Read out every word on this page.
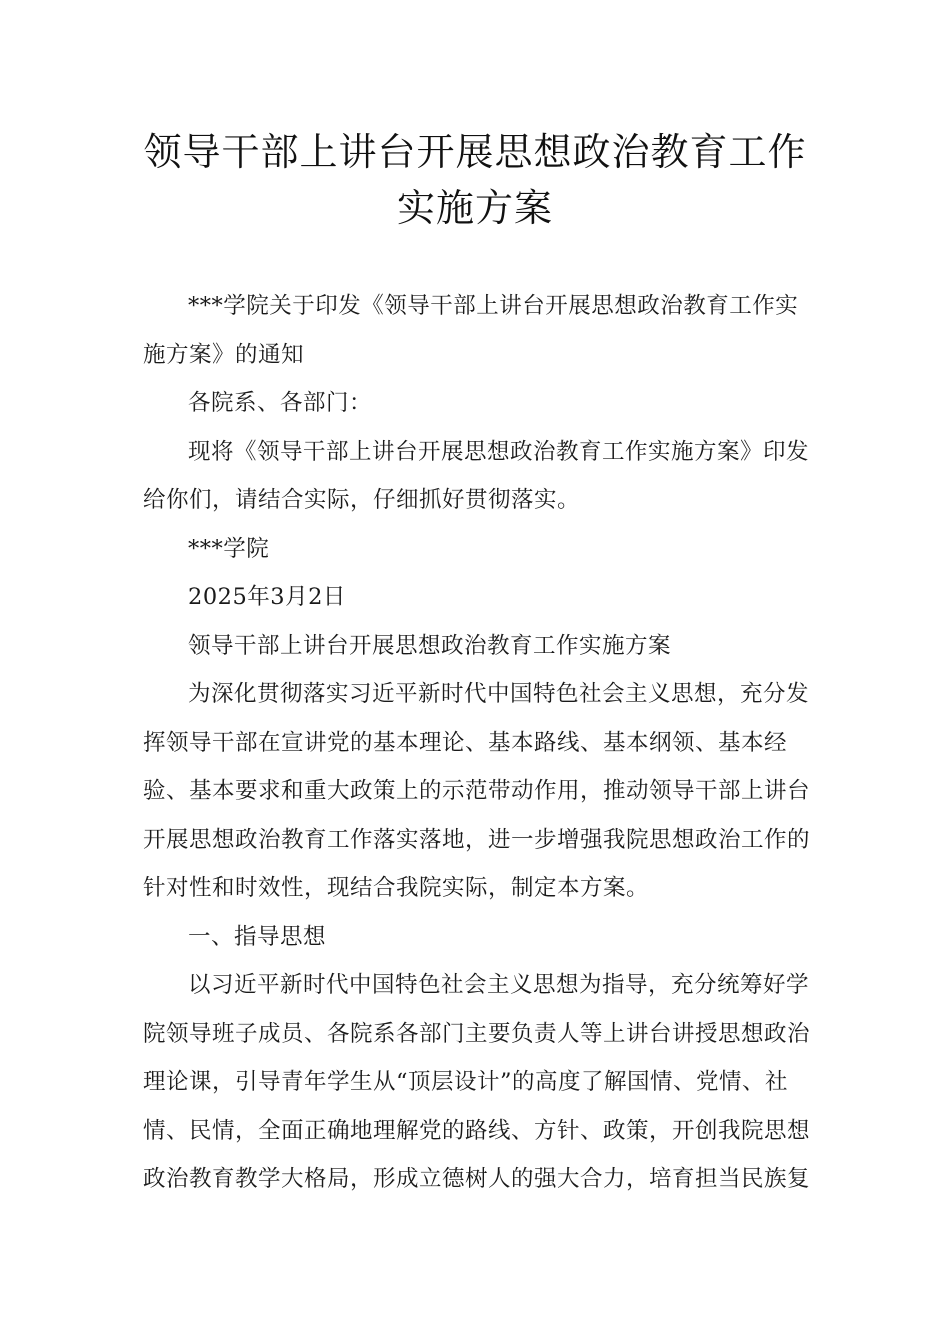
领导干部上讲台开展思想政治教育工作
实施方案

***学院关于印发《领导干部上讲台开展思想政治教育工作实施方案》的通知

各院系、各部门：

现将《领导干部上讲台开展思想政治教育工作实施方案》印发给你们，请结合实际，仔细抓好贯彻落实。

***学院

2025年3月2日

领导干部上讲台开展思想政治教育工作实施方案

为深化贯彻落实习近平新时代中国特色社会主义思想，充分发挥领导干部在宣讲党的基本理论、基本路线、基本纲领、基本经验、基本要求和重大政策上的示范带动作用，推动领导干部上讲台开展思想政治教育工作落实落地，进一步增强我院思想政治工作的针对性和时效性，现结合我院实际，制定本方案。

一、指导思想

以习近平新时代中国特色社会主义思想为指导，充分统筹好学院领导班子成员、各院系各部门主要负责人等上讲台讲授思想政治理论课，引导青年学生从“顶层设计”的高度了解国情、党情、社情、民情，全面正确地理解党的路线、方针、政策，开创我院思想政治教育教学大格局，形成立德树人的强大合力，培育担当民族复
